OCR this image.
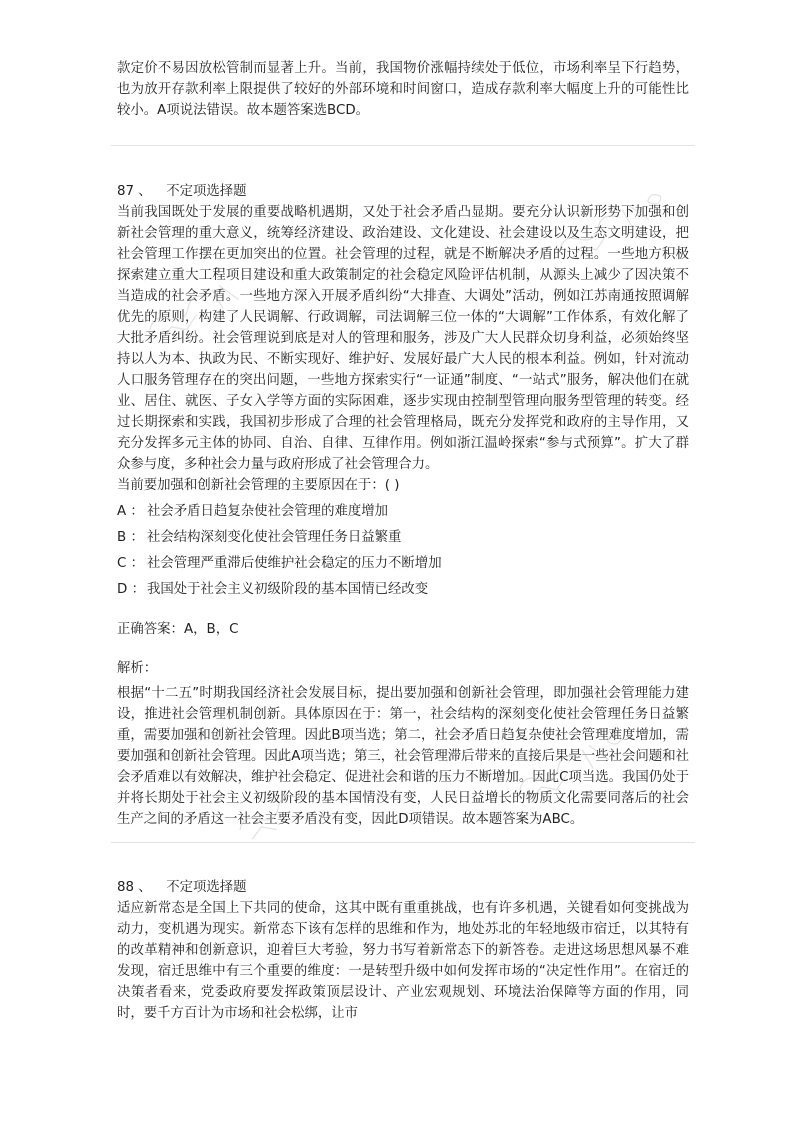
款定价不易因放松管制而显著上升。当前，我国物价涨幅持续处于低位，市场利率呈下行趋势，也为放开存款利率上限提供了较好的外部环境和时间窗口，造成存款利率大幅度上升的可能性比较小。A项说法错误。故本题答案选BCD。

87 、 不定项选择题

当前我国既处于发展的重要战略机遇期，又处于社会矛盾凸显期。要充分认识新形势下加强和创新社会管理的重大意义，统筹经济建设、政治建设、文化建设、社会建设以及生态文明建设，把社会管理工作摆在更加突出的位置。社会管理的过程，就是不断解决矛盾的过程。一些地方积极探索建立重大工程项目建设和重大政策制定的社会稳定风险评估机制，从源头上减少了因决策不当造成的社会矛盾。一些地方深入开展矛盾纠纷“大排查、大调处”活动，例如江苏南通按照调解优先的原则，构建了人民调解、行政调解，司法调解三位一体的“大调解”工作体系，有效化解了大批矛盾纠纷。社会管理说到底是对人的管理和服务，涉及广大人民群众切身利益，必须始终坚持以人为本、执政为民、不断实现好、维护好、发展好最广大人民的根本利益。例如，针对流动人口服务管理存在的突出问题，一些地方探索实行“一证通”制度、“一站式”服务，解决他们在就业、居住、就医、子女入学等方面的实际困难，逐步实现由控制型管理向服务型管理的转变。经过长期探索和实践，我国初步形成了合理的社会管理格局，既充分发挥党和政府的主导作用，又充分发挥多元主体的协同、自治、自律、互律作用。例如浙江温岭探索“参与式预算”。扩大了群众参与度，多种社会力量与政府形成了社会管理合力。

当前要加强和创新社会管理的主要原因在于：( )

A ： 社会矛盾日趋复杂使社会管理的难度增加

B ： 社会结构深刻变化使社会管理任务日益繁重

C ： 社会管理严重滞后使维护社会稳定的压力不断增加

D ： 我国处于社会主义初级阶段的基本国情已经改变

正确答案：A，B，C

解析：

根据“十二五”时期我国经济社会发展目标，提出要加强和创新社会管理，即加强社会管理能力建设，推进社会管理机制创新。具体原因在于：第一，社会结构的深刻变化使社会管理任务日益繁重，需要加强和创新社会管理。因此B项当选；第二，社会矛盾日趋复杂使社会管理难度增加，需要加强和创新社会管理。因此A项当选；第三，社会管理滞后带来的直接后果是一些社会问题和社会矛盾难以有效解决，维护社会稳定、促进社会和谐的压力不断增加。因此C项当选。我国仍处于并将长期处于社会主义初级阶段的基本国情没有变，人民日益增长的物质文化需要同落后的社会生产之间的矛盾这一社会主要矛盾没有变，因此D项错误。故本题答案为ABC。

88 、 不定项选择题

适应新常态是全国上下共同的使命，这其中既有重重挑战，也有许多机遇，关键看如何变挑战为动力，变机遇为现实。新常态下该有怎样的思维和作为，地处苏北的年轻地级市宿迁，以其特有的改革精神和创新意识，迎着巨大考验，努力书写着新常态下的新答卷。走进这场思想风暴不难发现，宿迁思维中有三个重要的维度：一是转型升级中如何发挥市场的“决定性作用”。在宿迁的决策者看来，党委政府要发挥政策顶层设计、产业宏观规划、环境法治保障等方面的作用，同时，要千方百计为市场和社会松绑，让市
